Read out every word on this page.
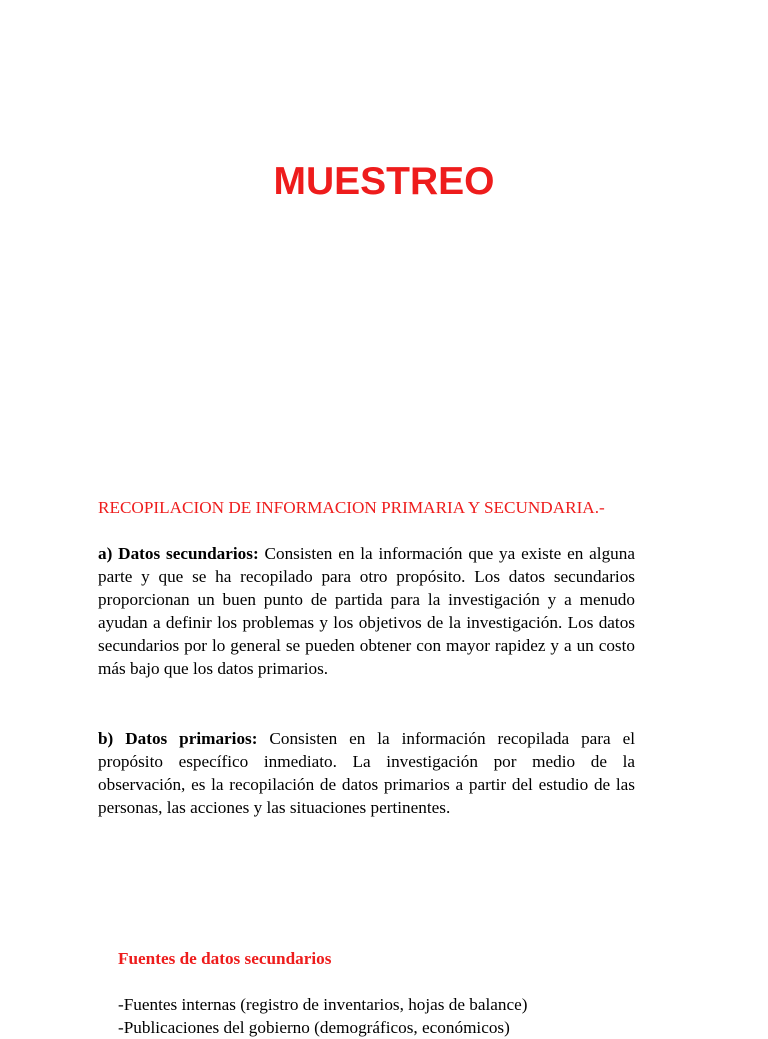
MUESTREO
RECOPILACION DE INFORMACION PRIMARIA Y SECUNDARIA.-

a) Datos secundarios: Consisten en la información que ya existe en alguna parte y que se ha recopilado para otro propósito. Los datos secundarios proporcionan un buen punto de partida para la investigación y a menudo ayudan a definir los problemas y los objetivos de la investigación. Los datos secundarios por lo general se pueden obtener con mayor rapidez y a un costo más bajo que los datos primarios.

b) Datos primarios: Consisten en la información recopilada para el propósito específico inmediato. La investigación por medio de la observación, es la recopilación de datos primarios a partir del estudio de las personas, las acciones y las situaciones pertinentes.

Fuentes de datos secundarios

-Fuentes internas (registro de inventarios, hojas de balance)

-Publicaciones del gobierno (demográficos, económicos)
